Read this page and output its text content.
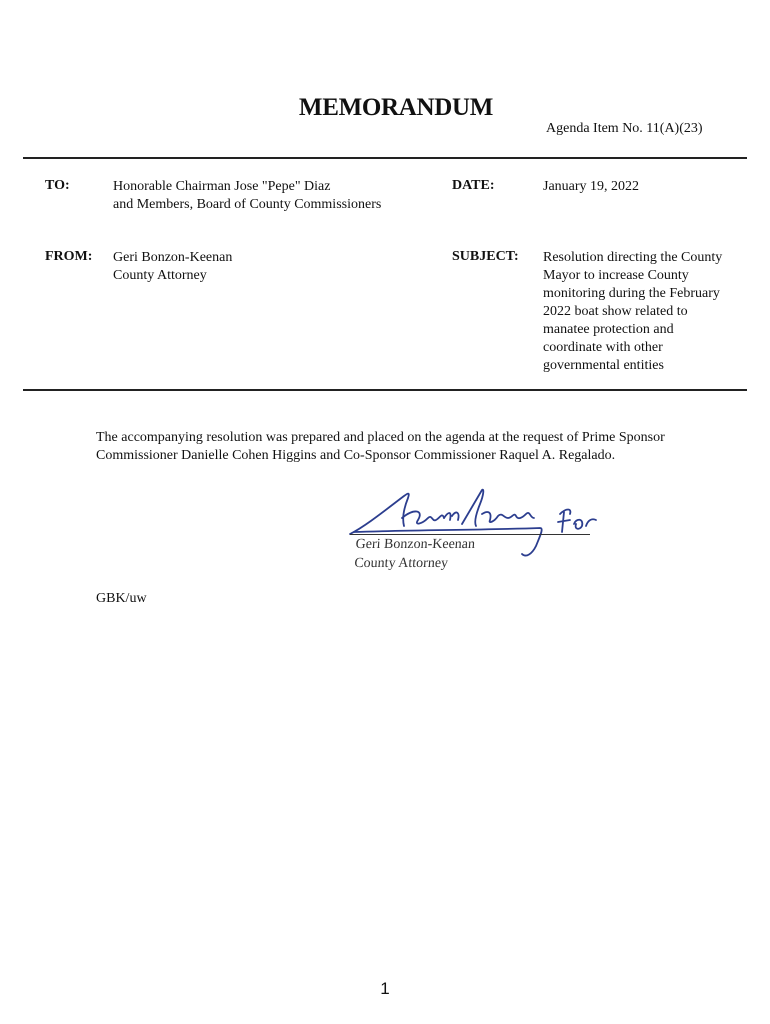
MEMORANDUM
Agenda Item No. 11(A)(23)
TO:	Honorable Chairman Jose "Pepe" Diaz
and Members, Board of County Commissioners
DATE:	January 19, 2022
FROM: Geri Bonzon-Keenan
County Attorney
SUBJECT: Resolution directing the County
Mayor to increase County
monitoring during the February
2022 boat show related to
manatee protection and
coordinate with other
governmental entities
The accompanying resolution was prepared and placed on the agenda at the request of Prime Sponsor
Commissioner Danielle Cohen Higgins and Co-Sponsor Commissioner Raquel A. Regalado.
Geri Bonzon-Keenan
County Attorney
GBK/uw
1
